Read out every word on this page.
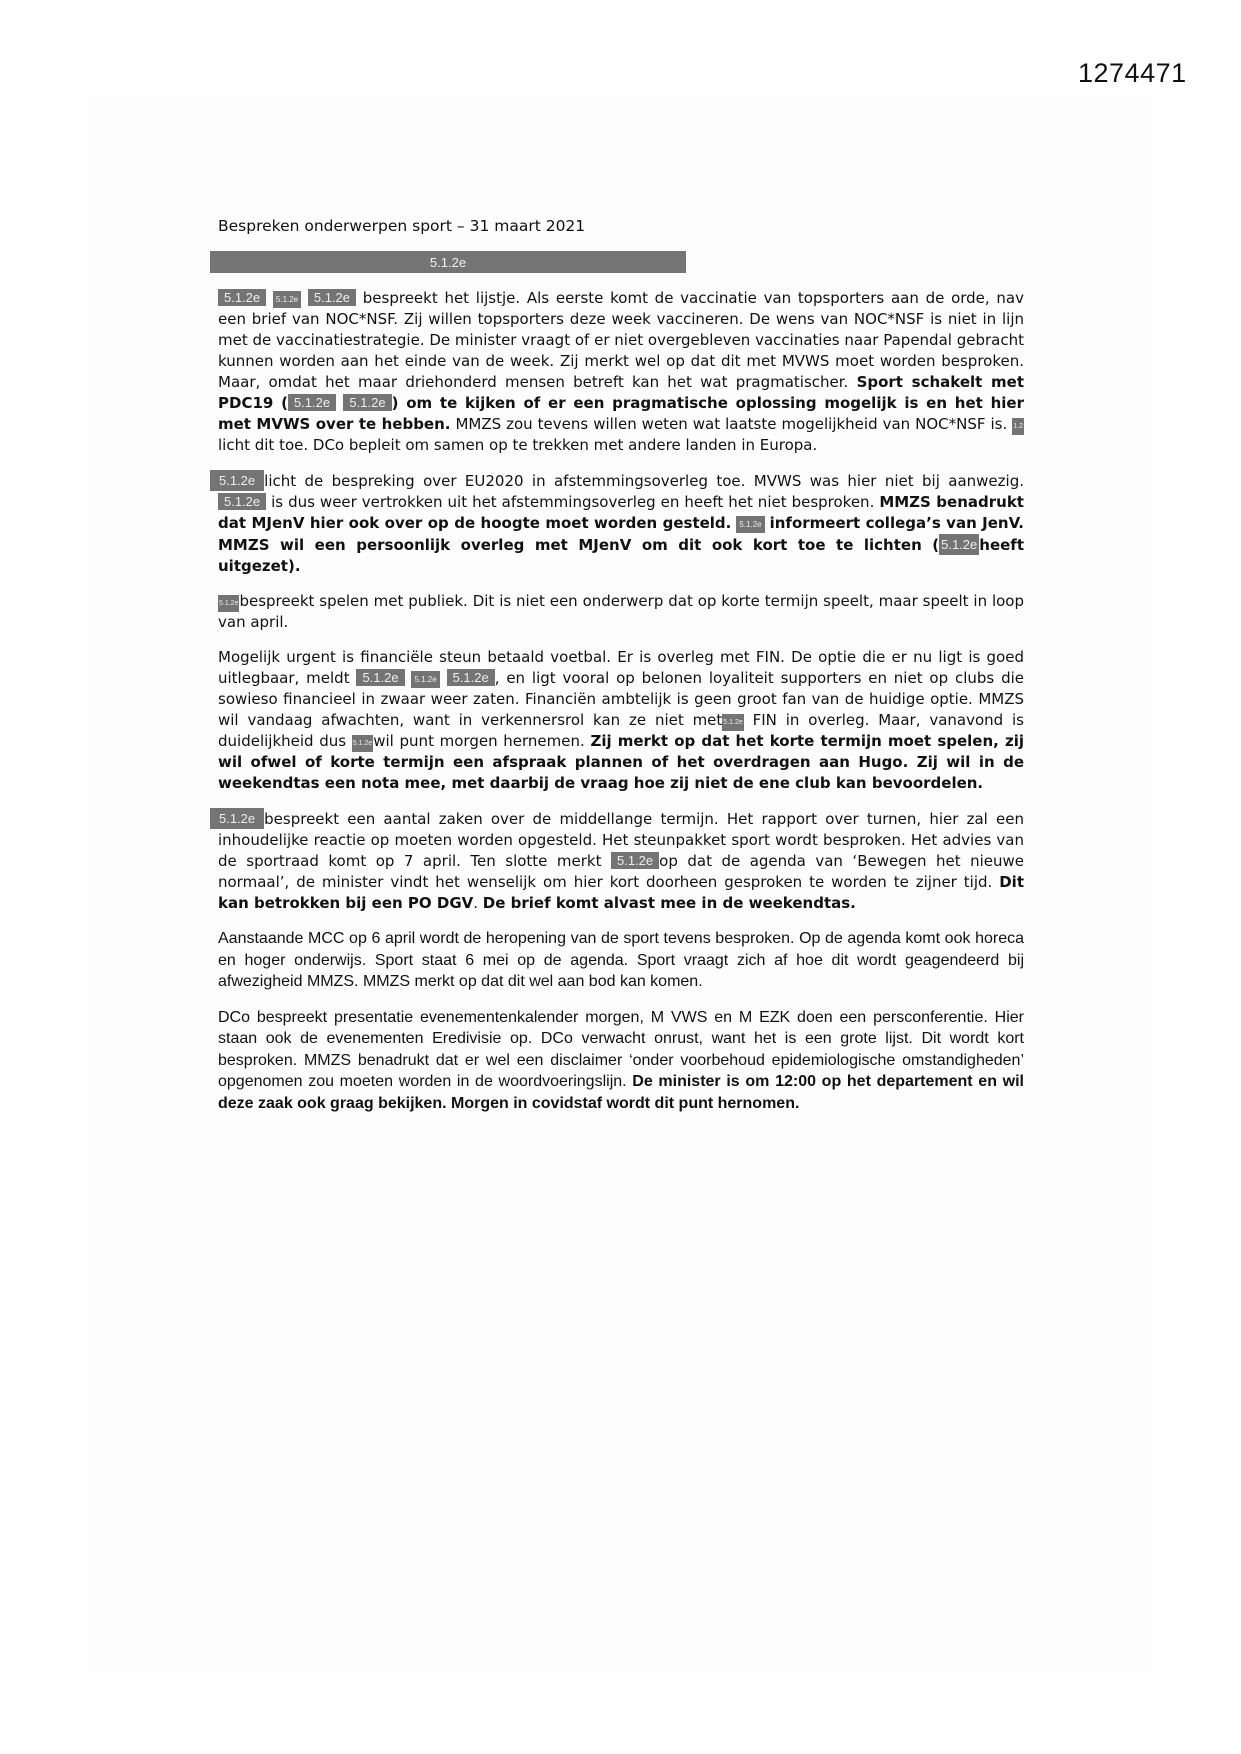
1274471
Bespreken onderwerpen sport – 31 maart 2021
5.1.2e

5.1.2e 5.1.2e 5.1.2e bespreekt het lijstje. Als eerste komt de vaccinatie van topsporters aan de orde, nav een brief van NOC*NSF. Zij willen topsporters deze week vaccineren. De wens van NOC*NSF is niet in lijn met de vaccinatiestrategie. De minister vraagt of er niet overgebleven vaccinaties naar Papendal gebracht kunnen worden aan het einde van de week. Zij merkt wel op dat dit met MVWS moet worden besproken. Maar, omdat het maar driehonderd mensen betreft kan het wat pragmatischer. Sport schakelt met PDC19 ( 5.1.2e 5.1.2e ) om te kijken of er een pragmatische oplossing mogelijk is en het hier met MVWS over te hebben. MMZS zou tevens willen weten wat laatste mogelijkheid van NOC*NSF is. 1.2 licht dit toe. DCo bepleit om samen op te trekken met andere landen in Europa.

5.1.2e licht de bespreking over EU2020 in afstemmingsoverleg toe. MVWS was hier niet bij aanwezig. 5.1.2e is dus weer vertrokken uit het afstemmingsoverleg en heeft het niet besproken. MMZS benadrukt dat MJenV hier ook over op de hoogte moet worden gesteld. 5.1.2e informeert collega’s van JenV. MMZS wil een persoonlijk overleg met MJenV om dit ook kort toe te lichten ( 5.1.2e heeft uitgezet).

5.1.2ebespreekt spelen met publiek. Dit is niet een onderwerp dat op korte termijn speelt, maar speelt in loop van april.

Mogelijk urgent is financiële steun betaald voetbal. Er is overleg met FIN. De optie die er nu ligt is goed uitlegbaar, meldt 5.1.2e 5.1.2e 5.1.2e , en ligt vooral op belonen loyaliteit supporters en niet op clubs die sowieso financieel in zwaar weer zaten. Financiën ambtelijk is geen groot fan van de huidige optie. MMZS wil vandaag afwachten, want in verkennersrol kan ze niet met5.1.2e FIN in overleg. Maar, vanavond is duidelijkheid dus 5.1.2ewil punt morgen hernemen. Zij merkt op dat het korte termijn moet spelen, zij wil ofwel of korte termijn een afspraak plannen of het overdragen aan Hugo. Zij wil in de weekendtas een nota mee, met daarbij de vraag hoe zij niet de ene club kan bevoordelen.

5.1.2e bespreekt een aantal zaken over de middellange termijn. Het rapport over turnen, hier zal een inhoudelijke reactie op moeten worden opgesteld. Het steunpakket sport wordt besproken. Het advies van de sportraad komt op 7 april. Ten slotte merkt 5.1.2e op dat de agenda van ‘Bewegen het nieuwe normaal’, de minister vindt het wenselijk om hier kort doorheen gesproken te worden te zijner tijd. Dit kan betrokken bij een PO DGV. De brief komt alvast mee in de weekendtas.

Aanstaande MCC op 6 april wordt de heropening van de sport tevens besproken. Op de agenda komt ook horeca en hoger onderwijs. Sport staat 6 mei op de agenda. Sport vraagt zich af hoe dit wordt geagendeerd bij afwezigheid MMZS. MMZS merkt op dat dit wel aan bod kan komen.

DCo bespreekt presentatie evenementenkalender morgen, M VWS en M EZK doen een persconferentie. Hier staan ook de evenementen Eredivisie op. DCo verwacht onrust, want het is een grote lijst. Dit wordt kort besproken. MMZS benadrukt dat er wel een disclaimer ‘onder voorbehoud epidemiologische omstandigheden’ opgenomen zou moeten worden in de woordvoeringslijn. De minister is om 12:00 op het departement en wil deze zaak ook graag bekijken. Morgen in covidstaf wordt dit punt hernomen.
